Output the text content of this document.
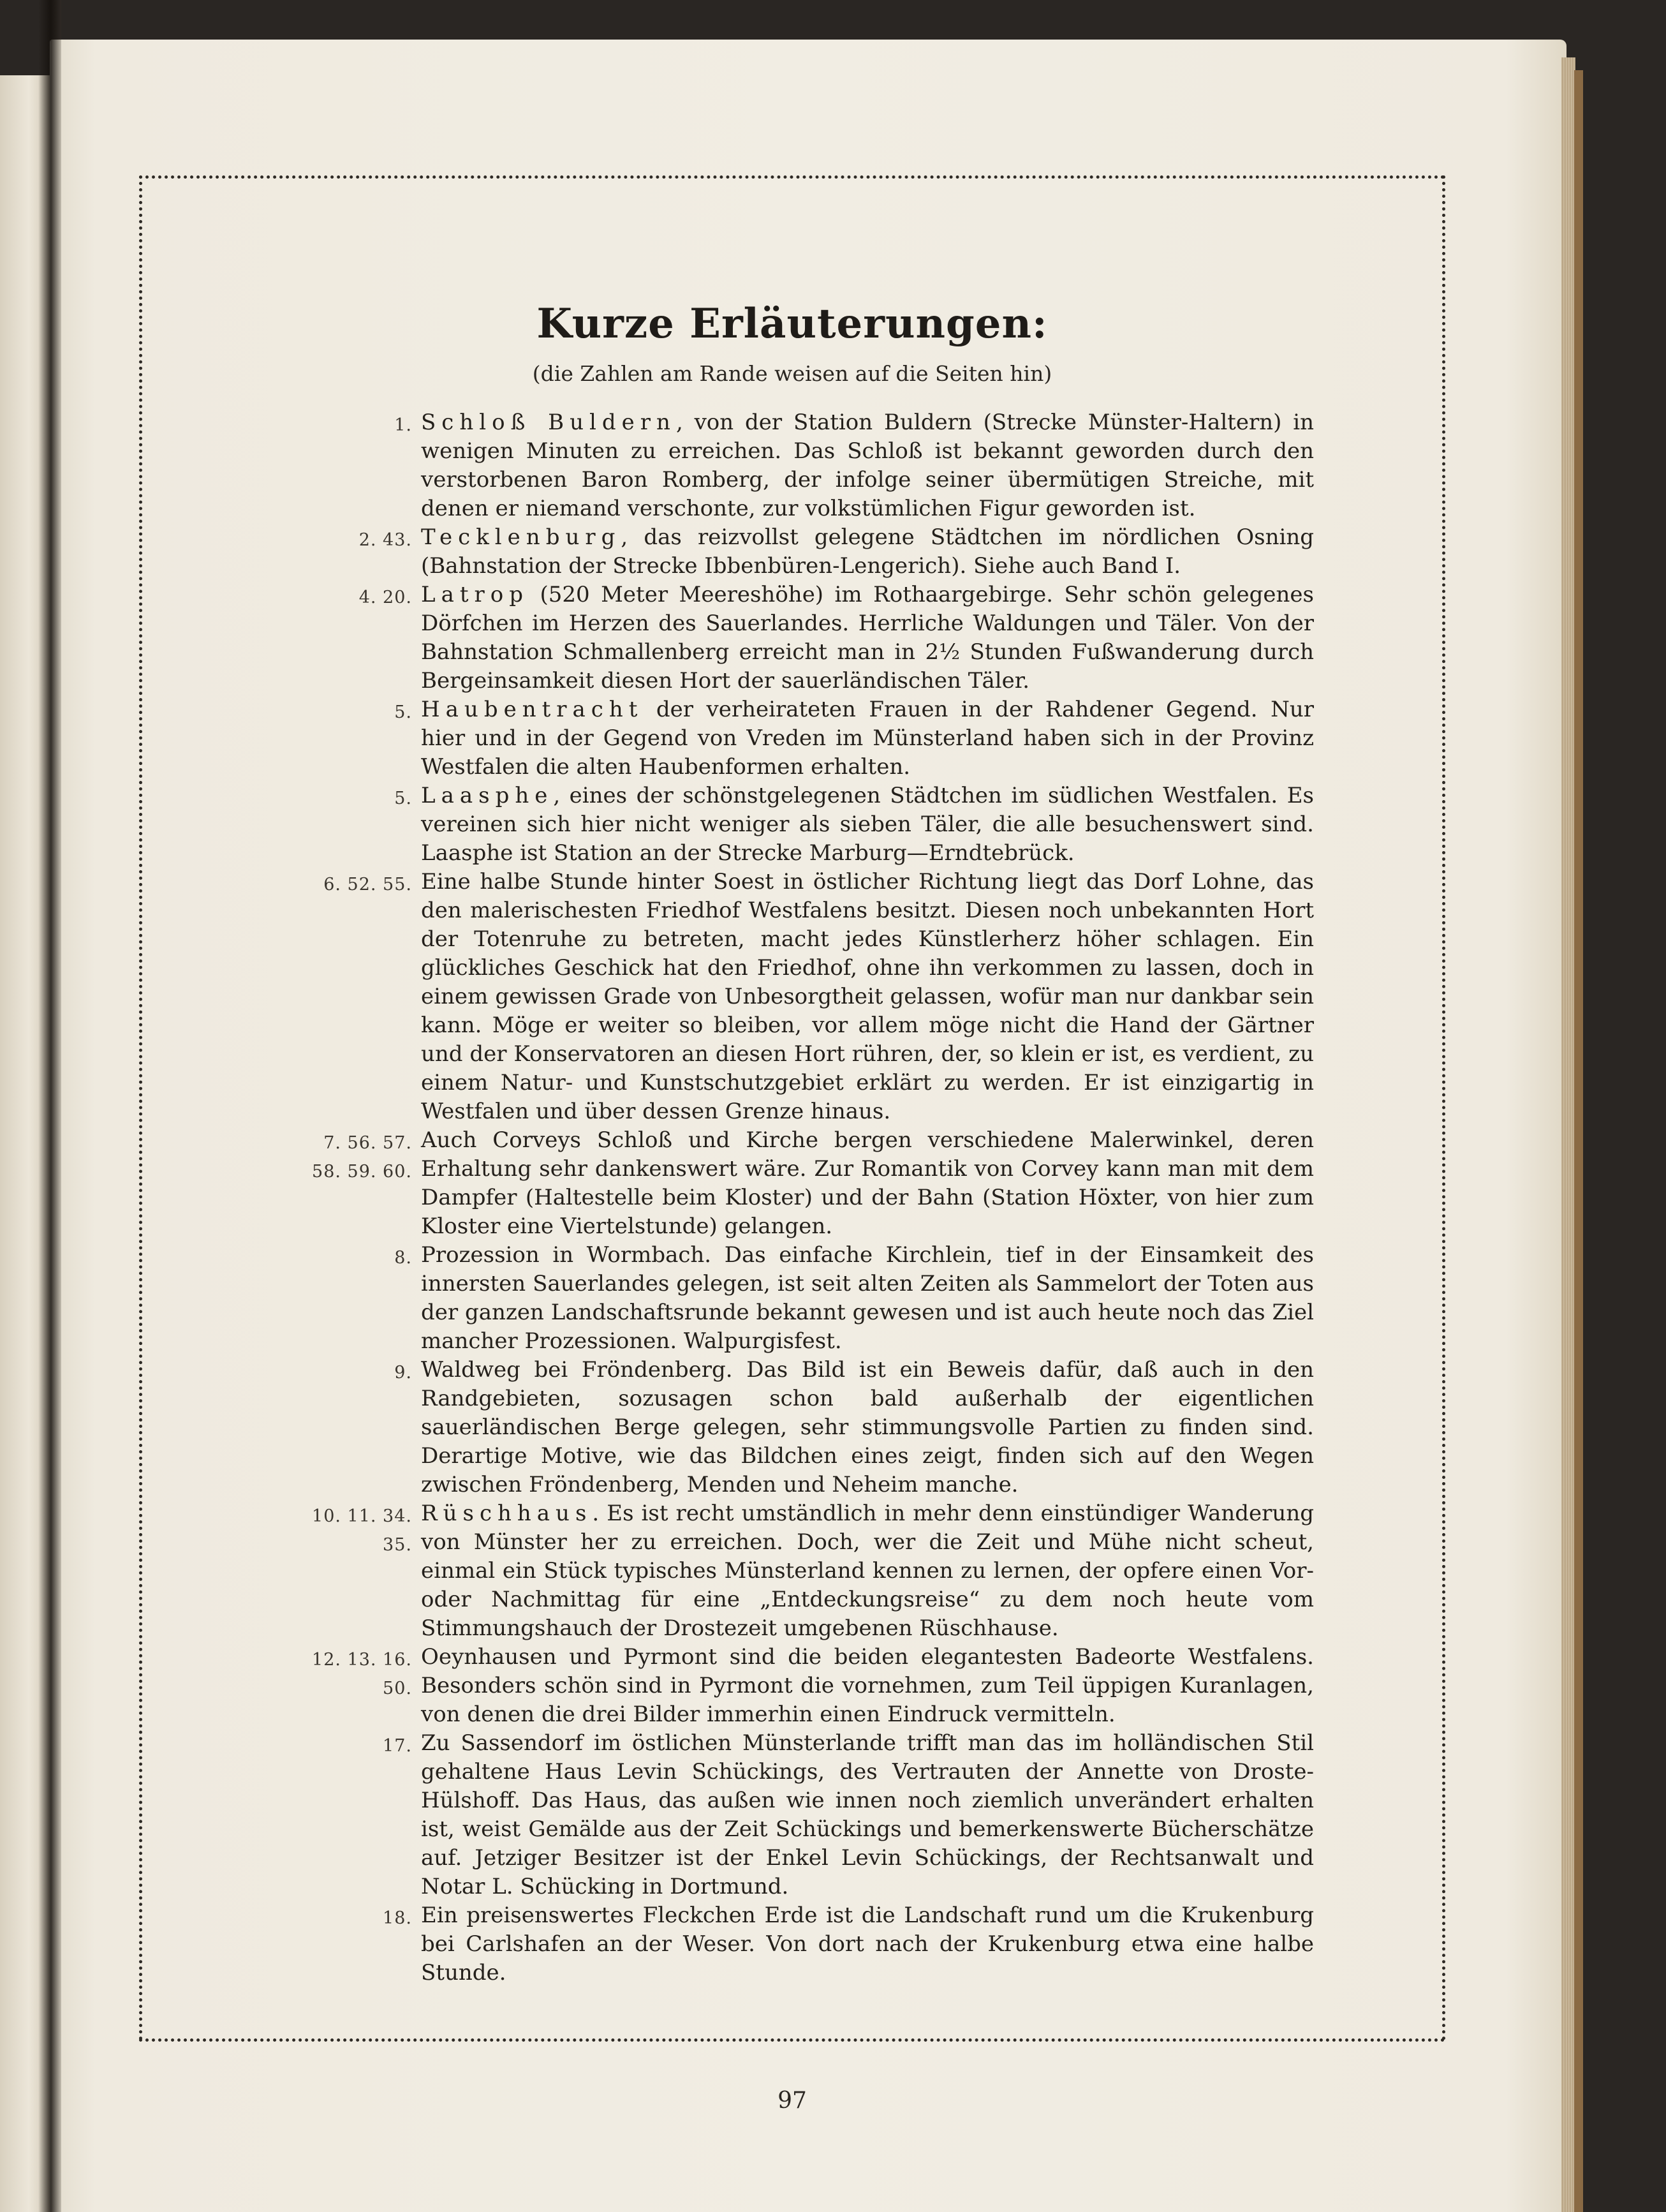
Kurze Erläuterungen:
(die Zahlen am Rande weisen auf die Seiten hin)

1. Schloß Buldern, von der Station Buldern (Strecke Münster-Haltern) in wenigen Minuten zu erreichen. Das Schloß ist bekannt geworden durch den verstorbenen Baron Romberg, der infolge seiner übermütigen Streiche, mit denen er niemand verschonte, zur volkstümlichen Figur geworden ist.

2. 43. Tecklenburg, das reizvollst gelegene Städtchen im nördlichen Osning (Bahnstation der Strecke Ibbenbüren-Lengerich). Siehe auch Band I.

4. 20. Latrop (520 Meter Meereshöhe) im Rothaargebirge. Sehr schön gelegenes Dörfchen im Herzen des Sauerlandes. Herrliche Waldungen und Täler. Von der Bahnstation Schmallenberg erreicht man in 2½ Stunden Fußwanderung durch Bergeinsamkeit diesen Hort der sauerländischen Täler.

5. Haubentracht der verheirateten Frauen in der Rahdener Gegend. Nur hier und in der Gegend von Vreden im Münsterland haben sich in der Provinz Westfalen die alten Haubenformen erhalten.

5. Laasphe, eines der schönstgelegenen Städtchen im südlichen Westfalen. Es vereinen sich hier nicht weniger als sieben Täler, die alle besuchenswert sind. Laasphe ist Station an der Strecke Marburg—Erndtebrück.

6. 52. 55. Eine halbe Stunde hinter Soest in östlicher Richtung liegt das Dorf Lohne, das den malerischesten Friedhof Westfalens besitzt. Diesen noch unbekannten Hort der Totenruhe zu betreten, macht jedes Künstlerherz höher schlagen. Ein glückliches Geschick hat den Friedhof, ohne ihn verkommen zu lassen, doch in einem gewissen Grade von Unbesorgtheit gelassen, wofür man nur dankbar sein kann. Möge er weiter so bleiben, vor allem möge nicht die Hand der Gärtner und der Konservatoren an diesen Hort rühren, der, so klein er ist, es verdient, zu einem Natur- und Kunstschutzgebiet erklärt zu werden. Er ist einzigartig in Westfalen und über dessen Grenze hinaus.

7. 56. 57.
58. 59. 60.
Auch Corveys Schloß und Kirche bergen verschiedene Malerwinkel, deren Erhaltung sehr dankenswert wäre. Zur Romantik von Corvey kann man mit dem Dampfer (Haltestelle beim Kloster) und der Bahn (Station Höxter, von hier zum Kloster eine Viertelstunde) gelangen.

8. Prozession in Wormbach. Das einfache Kirchlein, tief in der Einsamkeit des innersten Sauerlandes gelegen, ist seit alten Zeiten als Sammelort der Toten aus der ganzen Landschaftsrunde bekannt gewesen und ist auch heute noch das Ziel mancher Prozessionen. Walpurgisfest.

9. Waldweg bei Fröndenberg. Das Bild ist ein Beweis dafür, daß auch in den Randgebieten, sozusagen schon bald außerhalb der eigentlichen sauerländischen Berge gelegen, sehr stimmungsvolle Partien zu finden sind. Derartige Motive, wie das Bildchen eines zeigt, finden sich auf den Wegen zwischen Fröndenberg, Menden und Neheim manche.

10. 11. 34.
35.
Rüschhaus. Es ist recht umständlich in mehr denn einstündiger Wanderung von Münster her zu erreichen. Doch, wer die Zeit und Mühe nicht scheut, einmal ein Stück typisches Münsterland kennen zu lernen, der opfere einen Vor- oder Nachmittag für eine „Entdeckungsreise“ zu dem noch heute vom Stimmungshauch der Drostezeit umgebenen Rüschhause.

12. 13. 16.
50.
Oeynhausen und Pyrmont sind die beiden elegantesten Badeorte Westfalens. Besonders schön sind in Pyrmont die vornehmen, zum Teil üppigen Kuranlagen, von denen die drei Bilder immerhin einen Eindruck vermitteln.

17. Zu Sassendorf im östlichen Münsterlande trifft man das im holländischen Stil gehaltene Haus Levin Schückings, des Vertrauten der Annette von Droste-Hülshoff. Das Haus, das außen wie innen noch ziemlich unverändert erhalten ist, weist Gemälde aus der Zeit Schückings und bemerkenswerte Bücherschätze auf. Jetziger Besitzer ist der Enkel Levin Schückings, der Rechtsanwalt und Notar L. Schücking in Dortmund.

18. Ein preisenswertes Fleckchen Erde ist die Landschaft rund um die Krukenburg bei Carlshafen an der Weser. Von dort nach der Krukenburg etwa eine halbe Stunde.

97
